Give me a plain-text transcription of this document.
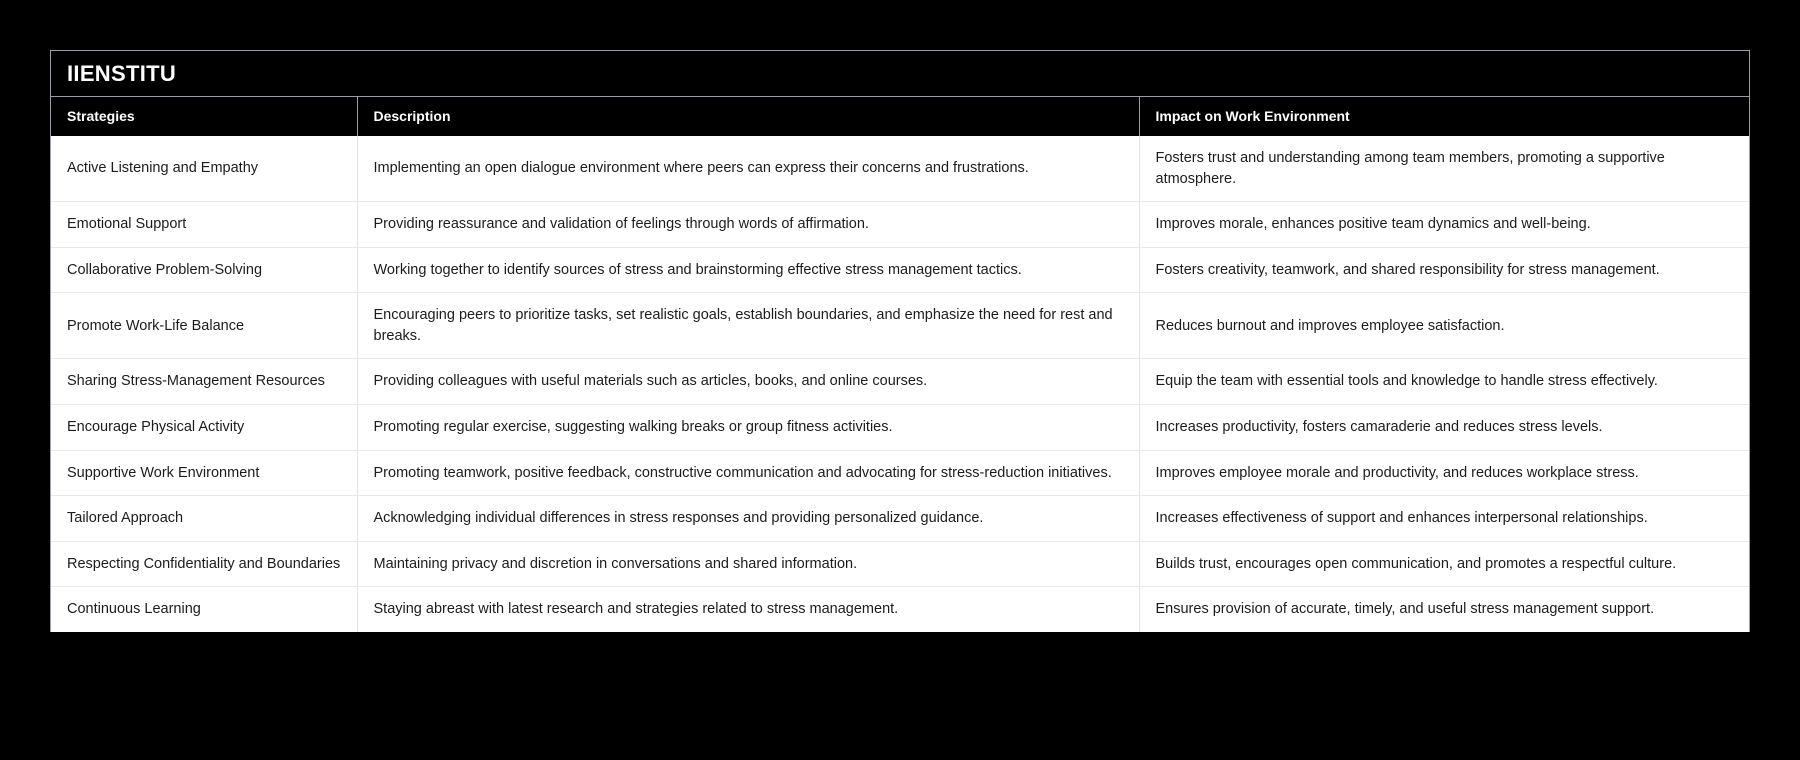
IIENSTITU
Strategies	Description	Impact on Work Environment
Active Listening and Empathy	Implementing an open dialogue environment where peers can express their concerns and frustrations.	Fosters trust and understanding among team members, promoting a supportive atmosphere.
Emotional Support	Providing reassurance and validation of feelings through words of affirmation.	Improves morale, enhances positive team dynamics and well-being.
Collaborative Problem-Solving	Working together to identify sources of stress and brainstorming effective stress management tactics.	Fosters creativity, teamwork, and shared responsibility for stress management.
Promote Work-Life Balance	Encouraging peers to prioritize tasks, set realistic goals, establish boundaries, and emphasize the need for rest and breaks.	Reduces burnout and improves employee satisfaction.
Sharing Stress-Management Resources	Providing colleagues with useful materials such as articles, books, and online courses.	Equip the team with essential tools and knowledge to handle stress effectively.
Encourage Physical Activity	Promoting regular exercise, suggesting walking breaks or group fitness activities.	Increases productivity, fosters camaraderie and reduces stress levels.
Supportive Work Environment	Promoting teamwork, positive feedback, constructive communication and advocating for stress-reduction initiatives.	Improves employee morale and productivity, and reduces workplace stress.
Tailored Approach	Acknowledging individual differences in stress responses and providing personalized guidance.	Increases effectiveness of support and enhances interpersonal relationships.
Respecting Confidentiality and Boundaries	Maintaining privacy and discretion in conversations and shared information.	Builds trust, encourages open communication, and promotes a respectful culture.
Continuous Learning	Staying abreast with latest research and strategies related to stress management.	Ensures provision of accurate, timely, and useful stress management support.
